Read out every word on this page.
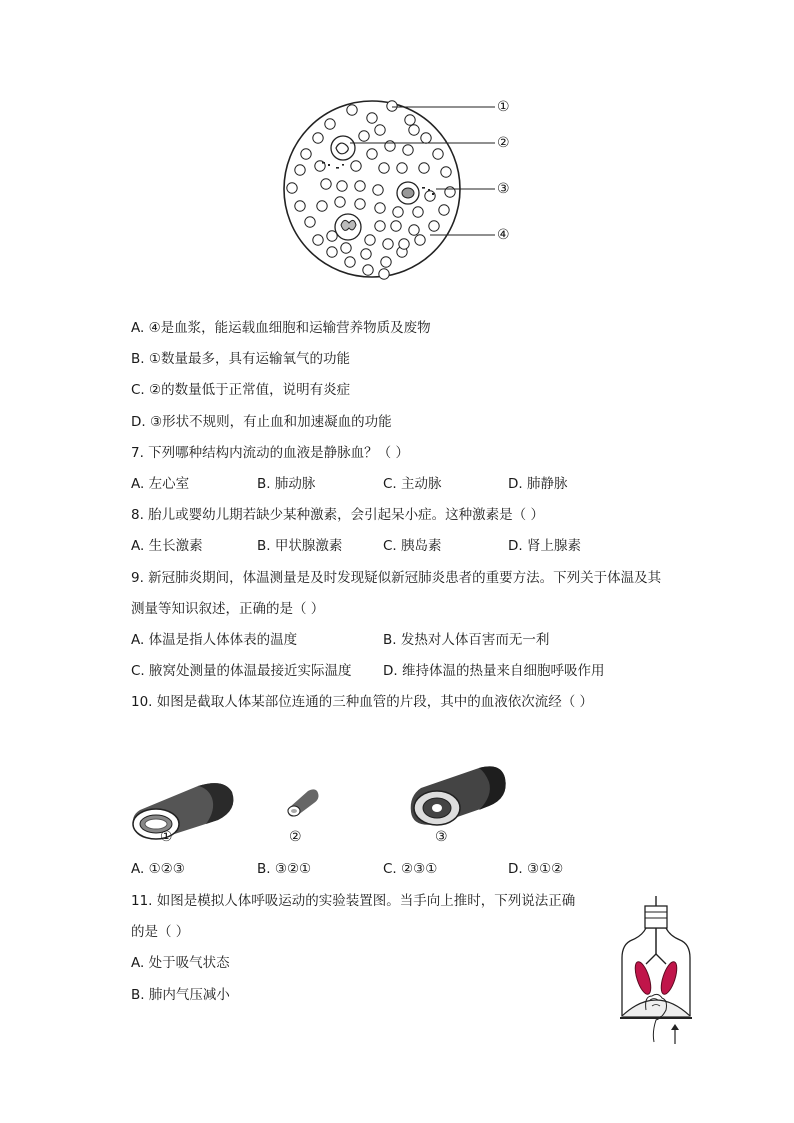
①
②
③
④
A. ④是血浆，能运载血细胞和运输营养物质及废物
B. ①数量最多，具有运输氧气的功能
C. ②的数量低于正常值，说明有炎症
D. ③形状不规则，有止血和加速凝血的功能
7. 下列哪种结构内流动的血液是静脉血？（ ）
A. 左心室	B. 肺动脉	C. 主动脉	D. 肺静脉
8. 胎儿或婴幼儿期若缺少某种激素，会引起呆小症。这种激素是（ ）
A. 生长激素	B. 甲状腺激素	C. 胰岛素	D. 肾上腺素
9. 新冠肺炎期间，体温测量是及时发现疑似新冠肺炎患者的重要方法。下列关于体温及其
测量等知识叙述，正确的是（ ）
A. 体温是指人体体表的温度	B. 发热对人体百害而无一利
C. 腋窝处测量的体温最接近实际温度 D. 维持体温的热量来自细胞呼吸作用
10. 如图是截取人体某部位连通的三种血管的片段，其中的血液依次流经（ ）
①	②	③
A. ①②③	B. ③②①	C. ②③①	D. ③①②
11. 如图是模拟人体呼吸运动的实验装置图。当手向上推时，下列说法正确
的是（ ）
A. 处于吸气状态
B. 肺内气压减小
